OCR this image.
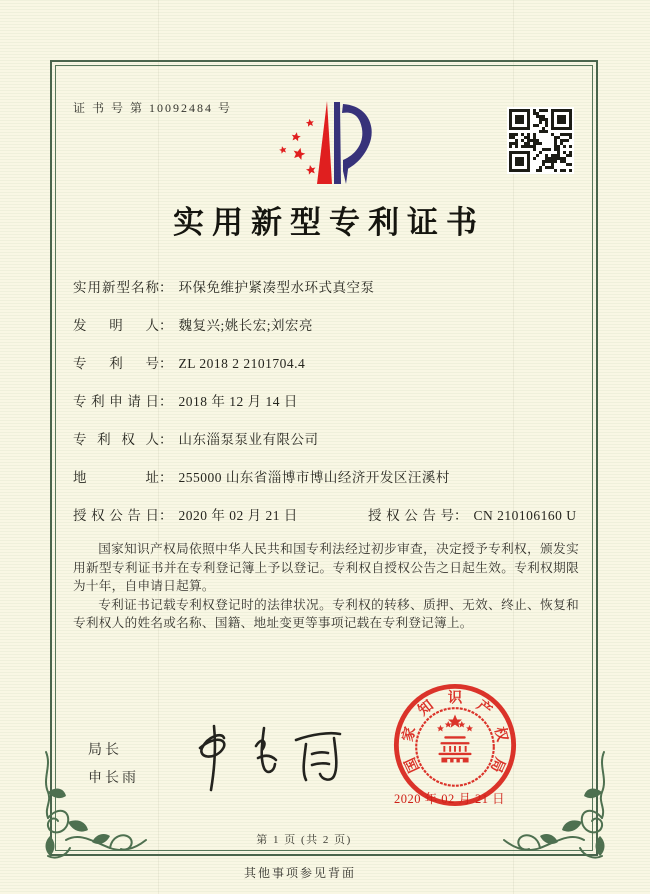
证 书 号 第 10092484 号
实用新型专利证书
实用新型名称： 环保免维护紧凑型水环式真空泵
发明人： 魏复兴;姚长宏;刘宏亮
专利号： ZL 2018 2 2101704.4
专利申请日： 2018 年 12 月 14 日
专利权人： 山东淄泵泵业有限公司
地址： 255000 山东省淄博市博山经济开发区汪溪村
授权公告日： 2020 年 02 月 21 日	授权公告号： CN 210106160 U

国家知识产权局依照中华人民共和国专利法经过初步审查，决定授予专利权，颁发实用新型专利证书并在专利登记簿上予以登记。专利权自授权公告之日起生效。专利权期限为十年，自申请日起算。

专利证书记载专利权登记时的法律状况。专利权的转移、质押、无效、终止、恢复和专利权人的姓名或名称、国籍、地址变更等事项记载在专利登记簿上。

局长
申长雨
国
家
知 识 产
权
局
2020 年 02 月 21 日
第 1 页 (共 2 页)
其他事项参见背面
